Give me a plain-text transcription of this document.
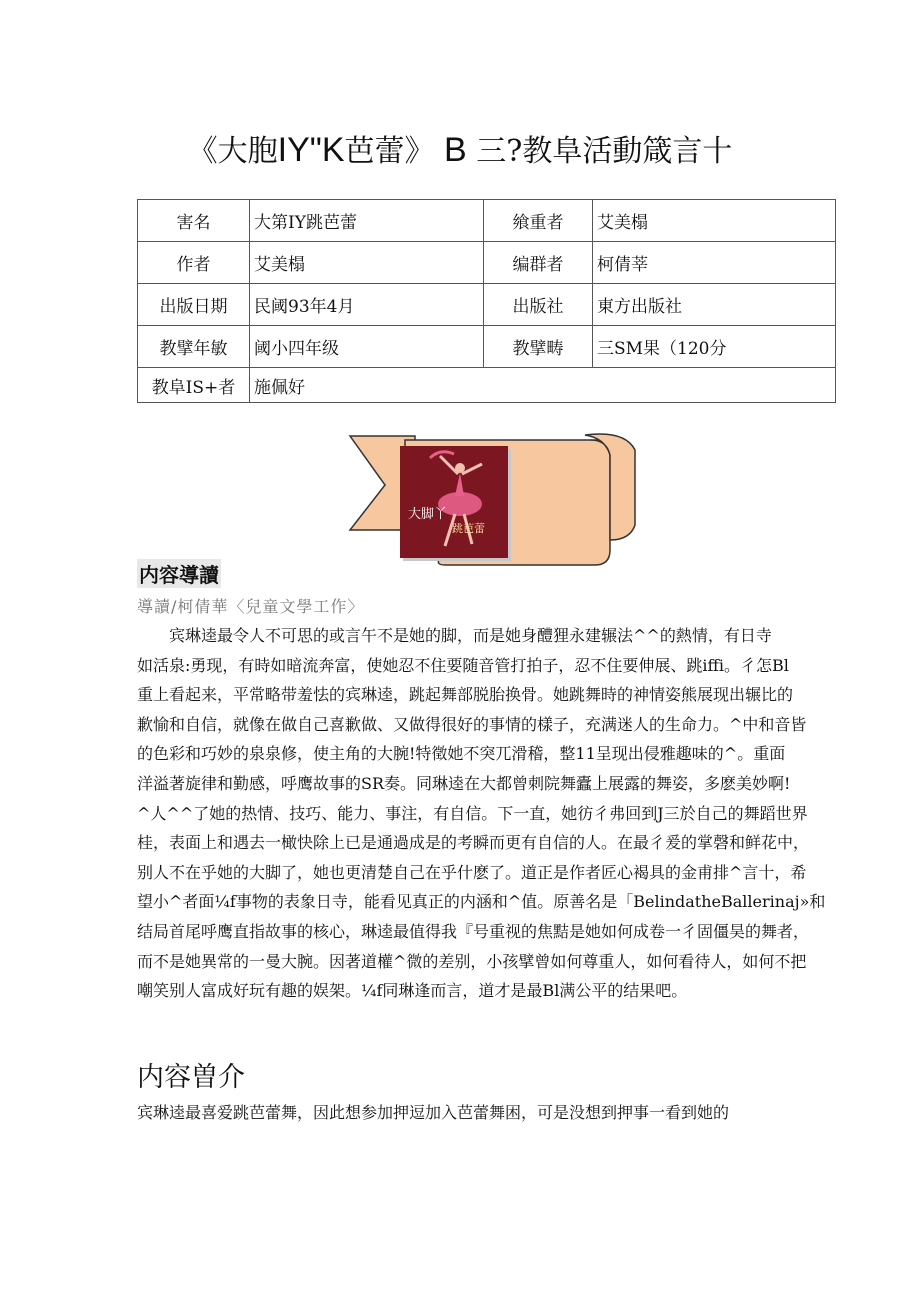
《大胞IY"K芭蕾》 B 三?教阜活動箴言十
害名	大第IY跳芭蕾	飨重者	艾美榻
作者	艾美榻	编群者	柯倩莘
出版日期	民阈93年4月	出版社	東方出版社
教擘年敏	阈小四年级	教擘畴	三SM果（120分
教阜IS+者	施佩好		
大脚丫
跳芭蕾
内容導讀
導讀/柯倩華〈兒童文學工作〉
　　宾琳逵最令人不可思的或言午不是她的脚，而是她身醴狸永建辗法^^的熱情，有日寺
如活泉:勇现，有時如暗流奔富，使她忍不住要随音管打拍子，忍不住要伸展、跳iffi。彳怎Bl
重上看起来，平常略带羞怯的宾琳逵，跳起舞部脱胎换骨。她跳舞時的神情姿熊展现出辗比的
歉愉和自信，就像在做自己喜歉做、又做得很好的事情的樣子，充满迷人的生命力。^中和音皆
的色彩和巧妙的泉泉修，使主角的大腕!特徵她不突兀滑稽，整11呈现出侵雅趣味的^。重面
洋溢著旋律和勤感，呼鹰故事的SR奏。同琳逵在大都曾刺院舞蠹上展露的舞姿，多麽美妙啊!
^人^^了她的热情、技巧、能力、事注，有自信。下一直，她彷彳弗回到J三於自己的舞蹈世界
桂，表面上和遇去一橄快除上已是通過成是的考瞬而更有自信的人。在最彳爰的掌磬和鲜花中，
别人不在乎她的大脚了，她也更清楚自己在乎什麽了。道正是作者匠心褐具的金甫排^言十，希
望小^者面¼f事物的表象日寺，能看见真正的内涵和^值。原善名是「BelindatheBallerinaj»和
结局首尾呼鹰直指故事的核心，琳逵最值得我『号重视的焦黠是她如何成卷一彳固僵昊的舞者，
而不是她異常的一曼大腕。因著道權^微的差别，小孩擘曾如何尊重人，如何看待人，如何不把
嘲笑别人富成好玩有趣的娱架。¼f同琳逢而言，道才是最Bl满公平的结果吧。
内容曽介
宾琳逵最喜爱跳芭蕾舞，因此想参加押逗加入芭蕾舞困，可是没想到押事一看到她的
